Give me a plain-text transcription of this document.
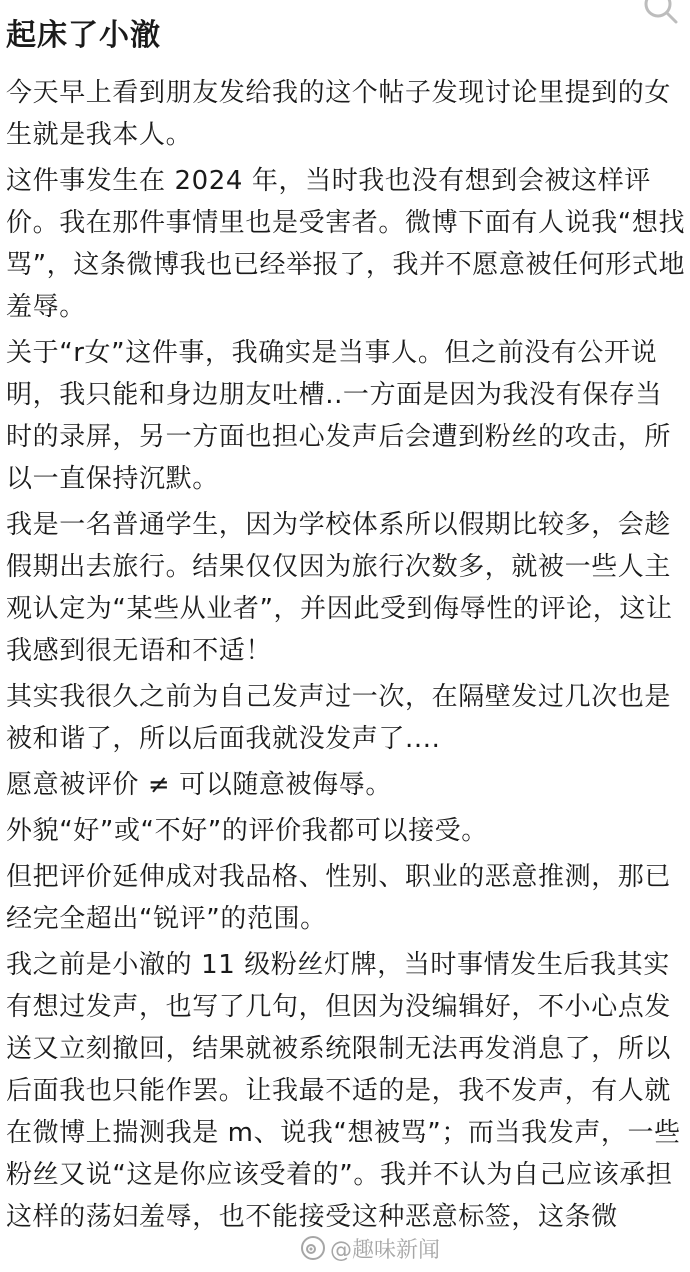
起床了小澈

今天早上看到朋友发给我的这个帖子发现讨论里提到的女生就是我本人。

这件事发生在 2024 年，当时我也没有想到会被这样评价。我在那件事情里也是受害者。微博下面有人说我“想找骂”，这条微博我也已经举报了，我并不愿意被任何形式地羞辱。

关于“r女”这件事，我确实是当事人。但之前没有公开说明，我只能和身边朋友吐槽..一方面是因为我没有保存当时的录屏，另一方面也担心发声后会遭到粉丝的攻击，所以一直保持沉默。

我是一名普通学生，因为学校体系所以假期比较多，会趁假期出去旅行。结果仅仅因为旅行次数多，就被一些人主观认定为“某些从业者”，并因此受到侮辱性的评论，这让我感到很无语和不适！

其实我很久之前为自己发声过一次，在隔壁发过几次也是被和谐了，所以后面我就没发声了....

愿意被评价 ≠ 可以随意被侮辱。

外貌“好”或“不好”的评价我都可以接受。

但把评价延伸成对我品格、性别、职业的恶意推测，那已经完全超出“锐评”的范围。

我之前是小澈的 11 级粉丝灯牌，当时事情发生后我其实有想过发声，也写了几句，但因为没编辑好，不小心点发送又立刻撤回，结果就被系统限制无法再发消息了，所以后面我也只能作罢。让我最不适的是，我不发声，有人就在微博上揣测我是 m、说我“想被骂”；而当我发声，一些粉丝又说“这是你应该受着的”。我并不认为自己应该承担这样的荡妇羞辱，也不能接受这种恶意标签，这条微

@趣味新闻
